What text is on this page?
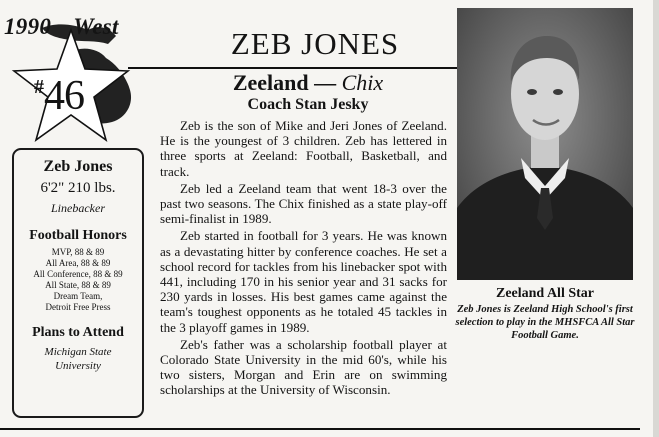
1990 West
#46
ZEB JONES
Zeeland — Chix
Coach Stan Jesky
Zeb Jones
6'2" 210 lbs.
Linebacker
Football Honors
MVP, 88 & 89
All Area, 88 & 89
All Conference, 88 & 89
All State, 88 & 89
Dream Team,
Detroit Free Press
Plans to Attend
Michigan State
University

Zeb is the son of Mike and Jeri Jones of Zeeland. He is the youngest of 3 children. Zeb has lettered in three sports at Zeeland: Football, Basketball, and track.

Zeb led a Zeeland team that went 18-3 over the past two seasons. The Chix finished as a state play-off semi-finalist in 1989.

Zeb started in football for 3 years. He was known as a devastating hitter by conference coaches. He set a school record for tackles from his linebacker spot with 441, including 170 in his senior year and 31 sacks for 230 yards in losses. His best games came against the team's toughest opponents as he totaled 45 tackles in the 3 playoff games in 1989.

Zeb's father was a scholarship football player at Colorado State University in the mid 60's, while his two sisters, Morgan and Erin are on swimming scholarships at the University of Wisconsin.

Zeeland All Star
Zeb Jones is Zeeland High School's first selection to play in the MHSFCA All Star Football Game.
